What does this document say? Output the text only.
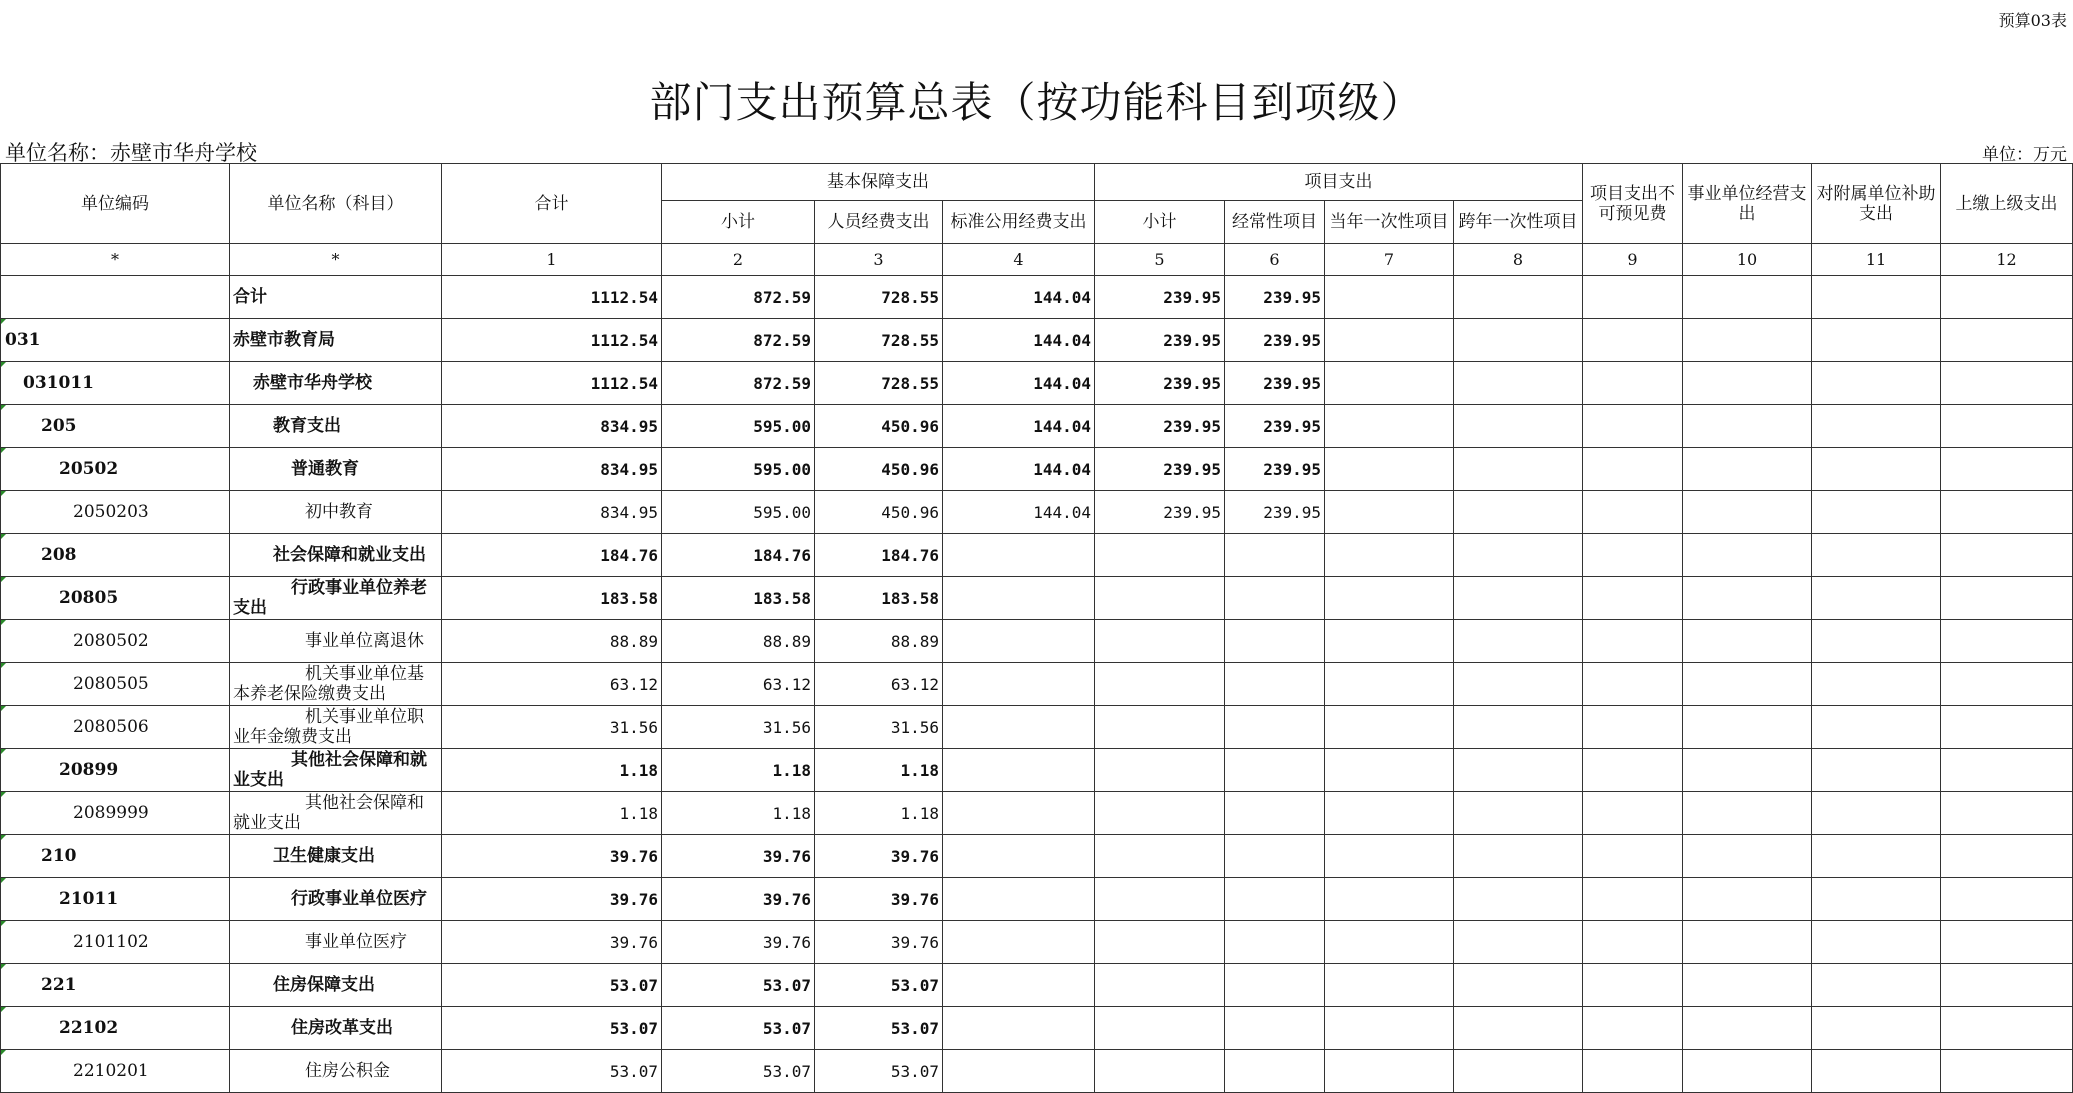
预算03表
部门支出预算总表（按功能科目到项级）
单位名称：赤壁市华舟学校	单位：万元
单位编码	单位名称（科目）	合计	基本保障支出			项目支出				项目支出不可预见费	事业单位经营支出	对附属单位补助支出	上缴上级支出
			小计	人员经费支出	标准公用经费支出	小计	经常性项目	当年一次性项目	跨年一次性项目				
*	*	1	2	3	4	5	6	7	8	9	10	11	12

	合计	1112.54	872.59	728.55	144.04	239.95	239.95						
031	赤壁市教育局	1112.54	872.59	728.55	144.04	239.95	239.95						
031011	赤壁市华舟学校	1112.54	872.59	728.55	144.04	239.95	239.95						
205	教育支出	834.95	595.00	450.96	144.04	239.95	239.95						
20502	普通教育	834.95	595.00	450.96	144.04	239.95	239.95						
2050203	初中教育	834.95	595.00	450.96	144.04	239.95	239.95						
208	社会保障和就业支出	184.76	184.76	184.76									
20805	行政事业单位养老支出	183.58	183.58	183.58									
2080502	事业单位离退休	88.89	88.89	88.89									
2080505	机关事业单位基本养老保险缴费支出	63.12	63.12	63.12									
2080506	机关事业单位职业年金缴费支出	31.56	31.56	31.56									
20899	其他社会保障和就业支出	1.18	1.18	1.18									
2089999	其他社会保障和就业支出	1.18	1.18	1.18									
210	卫生健康支出	39.76	39.76	39.76									
21011	行政事业单位医疗	39.76	39.76	39.76									
2101102	事业单位医疗	39.76	39.76	39.76									
221	住房保障支出	53.07	53.07	53.07									
22102	住房改革支出	53.07	53.07	53.07									
2210201	住房公积金	53.07	53.07	53.07									
